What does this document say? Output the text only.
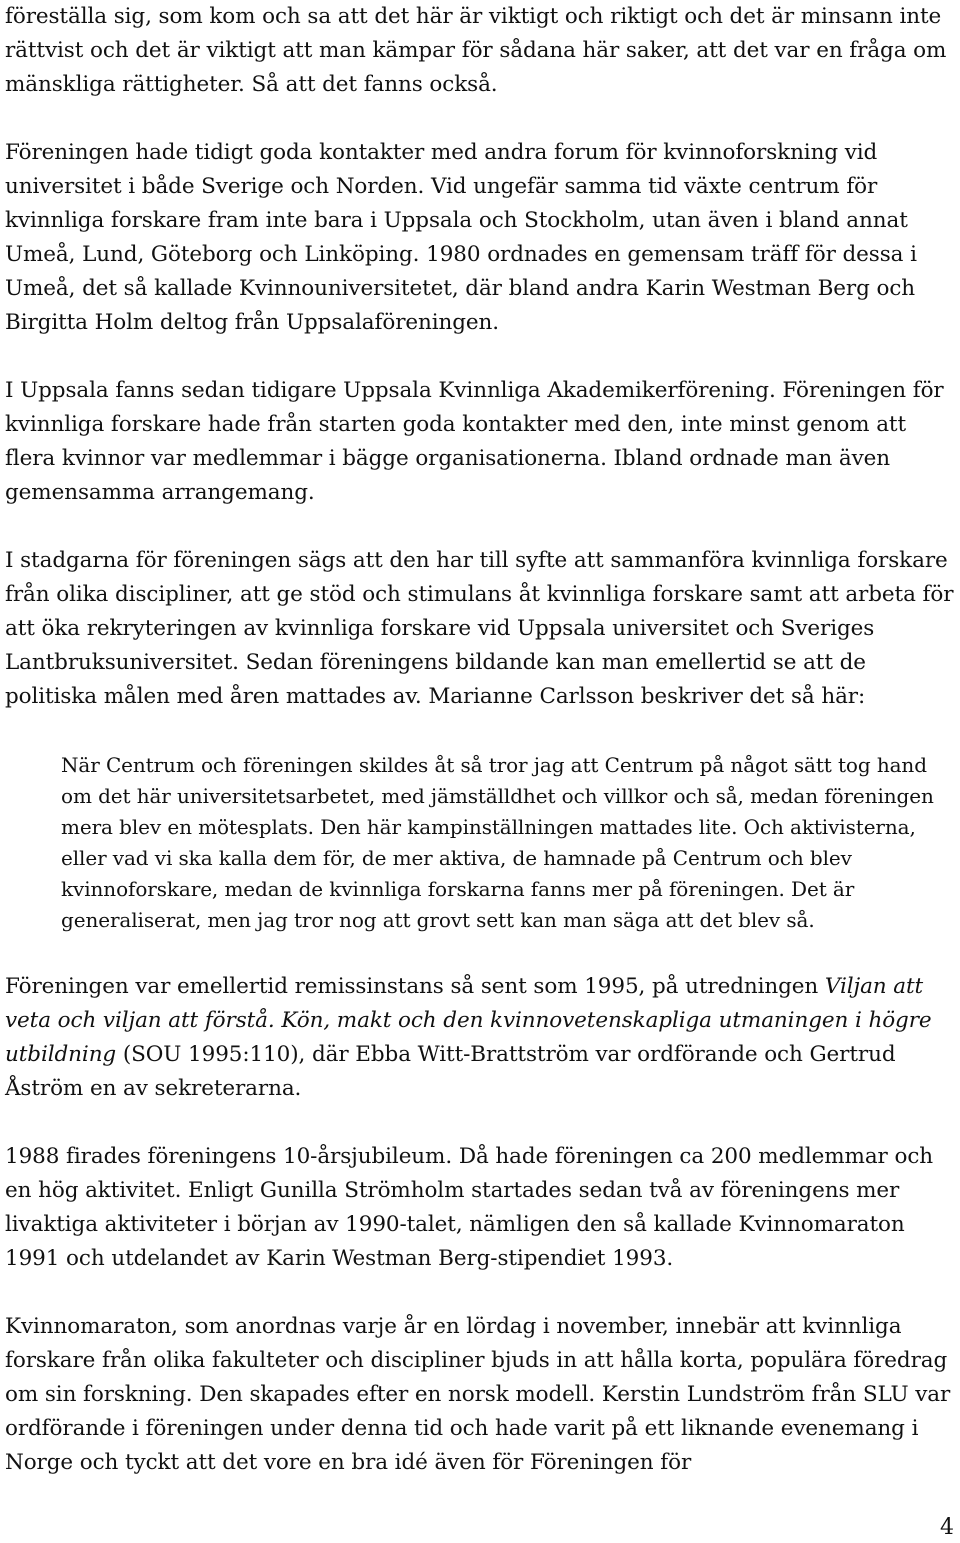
föreställa sig, som kom och sa att det här är viktigt och riktigt och det är minsann inte rättvist och det är viktigt att man kämpar för sådana här saker, att det var en fråga om mänskliga rättigheter. Så att det fanns också.

Föreningen hade tidigt goda kontakter med andra forum för kvinnoforskning vid universitet i både Sverige och Norden. Vid ungefär samma tid växte centrum för kvinnliga forskare fram inte bara i Uppsala och Stockholm, utan även i bland annat Umeå, Lund, Göteborg och Linköping. 1980 ordnades en gemensam träff för dessa i Umeå, det så kallade Kvinnouniversitetet, där bland andra Karin Westman Berg och Birgitta Holm deltog från Uppsalaföreningen.

I Uppsala fanns sedan tidigare Uppsala Kvinnliga Akademikerförening. Föreningen för kvinnliga forskare hade från starten goda kontakter med den, inte minst genom att flera kvinnor var medlemmar i bägge organisationerna. Ibland ordnade man även gemensamma arrangemang.

I stadgarna för föreningen sägs att den har till syfte att sammanföra kvinnliga forskare från olika discipliner, att ge stöd och stimulans åt kvinnliga forskare samt att arbeta för att öka rekryteringen av kvinnliga forskare vid Uppsala universitet och Sveriges Lantbruksuniversitet. Sedan föreningens bildande kan man emellertid se att de politiska målen med åren mattades av. Marianne Carlsson beskriver det så här:

När Centrum och föreningen skildes åt så tror jag att Centrum på något sätt tog hand om det här universitetsarbetet, med jämställdhet och villkor och så, medan föreningen mera blev en mötesplats. Den här kampinställningen mattades lite. Och aktivisterna, eller vad vi ska kalla dem för, de mer aktiva, de hamnade på Centrum och blev kvinnoforskare, medan de kvinnliga forskarna fanns mer på föreningen. Det är generaliserat, men jag tror nog att grovt sett kan man säga att det blev så.

Föreningen var emellertid remissinstans så sent som 1995, på utredningen Viljan att veta och viljan att förstå. Kön, makt och den kvinnovetenskapliga utmaningen i högre utbildning (SOU 1995:110), där Ebba Witt-Brattström var ordförande och Gertrud Åström en av sekreterarna.

1988 firades föreningens 10-årsjubileum. Då hade föreningen ca 200 medlemmar och en hög aktivitet. Enligt Gunilla Strömholm startades sedan två av föreningens mer livaktiga aktiviteter i början av 1990-talet, nämligen den så kallade Kvinnomaraton 1991 och utdelandet av Karin Westman Berg-stipendiet 1993.

Kvinnomaraton, som anordnas varje år en lördag i november, innebär att kvinnliga forskare från olika fakulteter och discipliner bjuds in att hålla korta, populära föredrag om sin forskning. Den skapades efter en norsk modell. Kerstin Lundström från SLU var ordförande i föreningen under denna tid och hade varit på ett liknande evenemang i Norge och tyckt att det vore en bra idé även för Föreningen för

4
